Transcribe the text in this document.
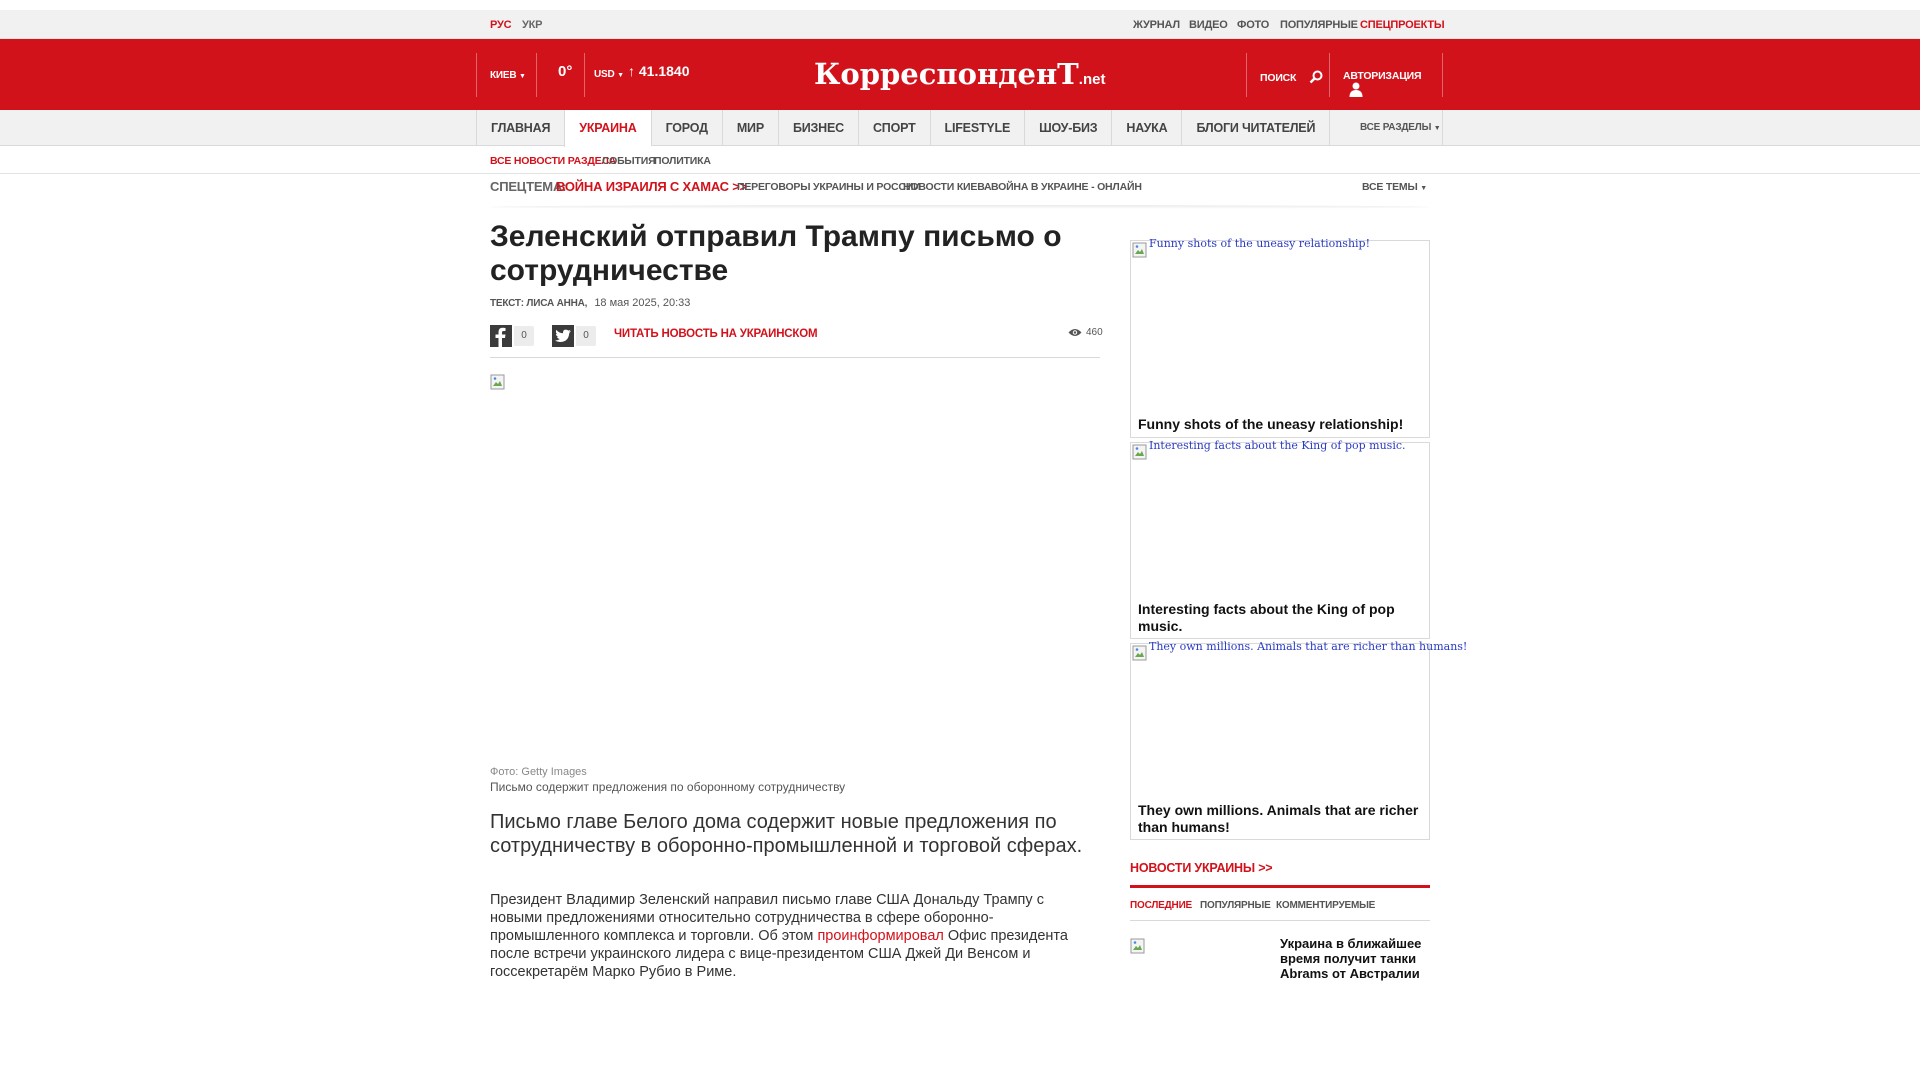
РУС УКР	ЖУРНАЛ ВИДЕО ФОТО ПОПУЛЯРНЫЕ СПЕЦПРОЕКТЫ
КИЕВ ▼ 0° USD ▼ ↑ 41.1840	КорреспонденТ.net	ПОИСК	АВТОРИЗАЦИЯ
ГЛАВНАЯ	УКРАИНА	ГОРОД	МИР	БИЗНЕС	СПОРТ	LIFESTYLE	ШОУ-БИЗ	НАУКА	БЛОГИ ЧИТАТЕЛЕЙ	ВСЕ РАЗДЕЛЫ ▼
ВСЕ НОВОСТИ РАЗДЕЛА
СОБЫТИЯ
ПОЛИТИКА
СПЕЦТЕМА:
ВОЙНА ИЗРАИЛЯ С ХАМАС >>
ПЕРЕГОВОРЫ УКРАИНЫ И РОССИИ
НОВОСТИ КИЕВА ВОЙНА В УКРАИНЕ - ОНЛАЙН	ВСЕ ТЕМЫ ▼
Зеленский отправил Трампу письмо о сотрудничестве
ТЕКСТ: ЛИСА АННА, 18 мая 2025, 20:33
0	0	ЧИТАТЬ НОВОСТЬ НА УКРАИНСКОМ	460
Фото: Getty Images
Письмо содержит предложения по оборонному сотрудничеству

Письмо главе Белого дома содержит новые предложения по сотрудничеству в оборонно-промышленной и торговой сферах.

Президент Владимир Зеленский направил письмо главе США Дональду Трампу с новыми предложениями относительно сотрудничества в сфере оборонно-промышленного комплекса и торговли. Об этом проинформировал Офис президента после встречи украинского лидера с вице-президентом США Джей Ди Венсом и госсекретарём Марко Рубио в Риме.

Funny shots of the uneasy relationship!
Funny shots of the uneasy relationship!
Interesting facts about the King of pop music.
Interesting facts about the King of pop music.
They own millions. Animals that are richer than humans!
They own millions. Animals that are richer than humans!
НОВОСТИ УКРАИНЫ >>
ПОСЛЕДНИЕ ПОПУЛЯРНЫЕ КОММЕНТИРУЕМЫЕ
Украина в ближайшее время получит танки Abrams от Австралии
